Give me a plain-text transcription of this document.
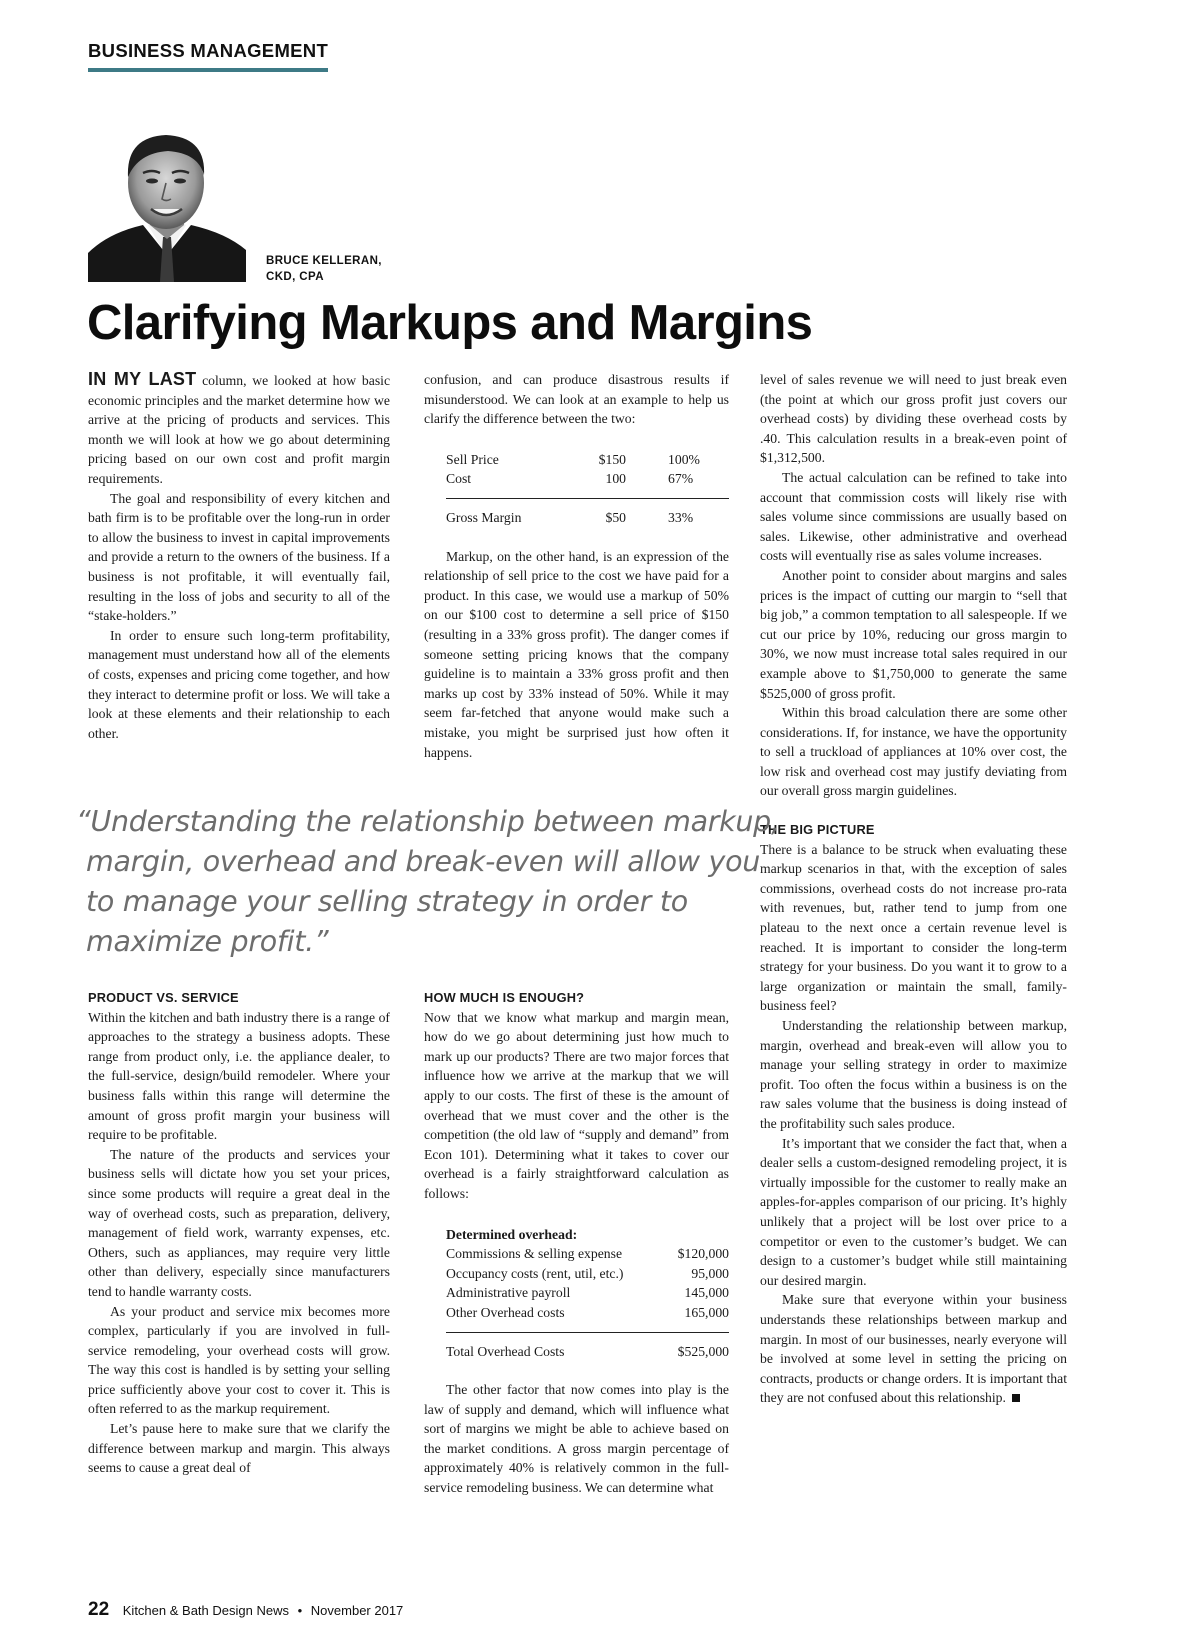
BUSINESS MANAGEMENT
BRUCE KELLERAN,
CKD, CPA
Clarifying Markups and Margins

IN MY LAST column, we looked at how basic economic principles and the market determine how we arrive at the pricing of products and services. This month we will look at how we go about determining pricing based on our own cost and profit margin requirements.

The goal and responsibility of every kitchen and bath firm is to be profitable over the long-run in order to allow the business to invest in capital improvements and provide a return to the owners of the business. If a business is not profitable, it will eventually fail, resulting in the loss of jobs and security to all of the “stake-holders.”

In order to ensure such long-term profitability, management must understand how all of the elements of costs, expenses and pricing come together, and how they interact to determine profit or loss. We will take a look at these elements and their relationship to each other.

confusion, and can produce disastrous results if misunderstood. We can look at an example to help us clarify the difference between the two:

Sell Price	$150	100%
Cost	100	67%

Gross Margin	$50	33%

Markup, on the other hand, is an expression of the relationship of sell price to the cost we have paid for a product. In this case, we would use a markup of 50% on our $100 cost to determine a sell price of $150 (resulting in a 33% gross profit). The danger comes if someone setting pricing knows that the company guideline is to maintain a 33% gross profit and then marks up cost by 33% instead of 50%. While it may seem far-fetched that anyone would make such a mistake, you might be surprised just how often it happens.

level of sales revenue we will need to just break even (the point at which our gross profit just covers our overhead costs) by dividing these overhead costs by .40. This calculation results in a break-even point of $1,312,500.

The actual calculation can be refined to take into account that commission costs will likely rise with sales volume since commissions are usually based on sales. Likewise, other administrative and overhead costs will eventually rise as sales volume increases.

Another point to consider about margins and sales prices is the impact of cutting our margin to “sell that big job,” a common temptation to all salespeople. If we cut our price by 10%, reducing our gross margin to 30%, we now must increase total sales required in our example above to $1,750,000 to generate the same $525,000 of gross profit.

Within this broad calculation there are some other considerations. If, for instance, we have the opportunity to sell a truckload of appliances at 10% over cost, the low risk and overhead cost may justify deviating from our overall gross margin guidelines.

THE BIG PICTURE

There is a balance to be struck when evaluating these markup scenarios in that, with the exception of sales commissions, overhead costs do not increase pro-rata with revenues, but, rather tend to jump from one plateau to the next once a certain revenue level is reached. It is important to consider the long-term strategy for your business. Do you want it to grow to a large organization or maintain the small, family-business feel?

Understanding the relationship between markup, margin, overhead and break-even will allow you to manage your selling strategy in order to maximize profit. Too often the focus within a business is on the raw sales volume that the business is doing instead of the profitability such sales produce.

It’s important that we consider the fact that, when a dealer sells a custom-designed remodeling project, it is virtually impossible for the customer to really make an apples-for-apples comparison of our pricing. It’s highly unlikely that a project will be lost over price to a competitor or even to the customer’s budget. We can design to a customer’s budget while still maintaining our desired margin.

Make sure that everyone within your business understands these relationships between markup and margin. In most of our businesses, nearly everyone will be involved at some level in setting the pricing on contracts, products or change orders. It is important that they are not confused about this relationship.

“Understanding the relationship between markup,
margin, overhead and break-even will allow you
to manage your selling strategy in order to
maximize profit.”
PRODUCT VS. SERVICE

Within the kitchen and bath industry there is a range of approaches to the strategy a business adopts. These range from product only, i.e. the appliance dealer, to the full-service, design/build remodeler. Where your business falls within this range will determine the amount of gross profit margin your business will require to be profitable.

The nature of the products and services your business sells will dictate how you set your prices, since some products will require a great deal in the way of overhead costs, such as preparation, delivery, management of field work, warranty expenses, etc. Others, such as appliances, may require very little other than delivery, especially since manufacturers tend to handle warranty costs.

As your product and service mix becomes more complex, particularly if you are involved in full-service remodeling, your overhead costs will grow. The way this cost is handled is by setting your selling price sufficiently above your cost to cover it. This is often referred to as the markup requirement.

Let’s pause here to make sure that we clarify the difference between markup and margin. This always seems to cause a great deal of

HOW MUCH IS ENOUGH?

Now that we know what markup and margin mean, how do we go about determining just how much to mark up our products? There are two major forces that influence how we arrive at the markup that we will apply to our costs. The first of these is the amount of overhead that we must cover and the other is the competition (the old law of “supply and demand” from Econ 101). Determining what it takes to cover our overhead is a fairly straightforward calculation as follows:

Determined overhead:	
Commissions & selling expense	$120,000
Occupancy costs (rent, util, etc.)	95,000
Administrative payroll	145,000
Other Overhead costs	165,000

Total Overhead Costs	$525,000

The other factor that now comes into play is the law of supply and demand, which will influence what sort of margins we might be able to achieve based on the market conditions. A gross margin percentage of approximately 40% is relatively common in the full-service remodeling business. We can determine what

22 Kitchen & Bath Design News • November 2017
